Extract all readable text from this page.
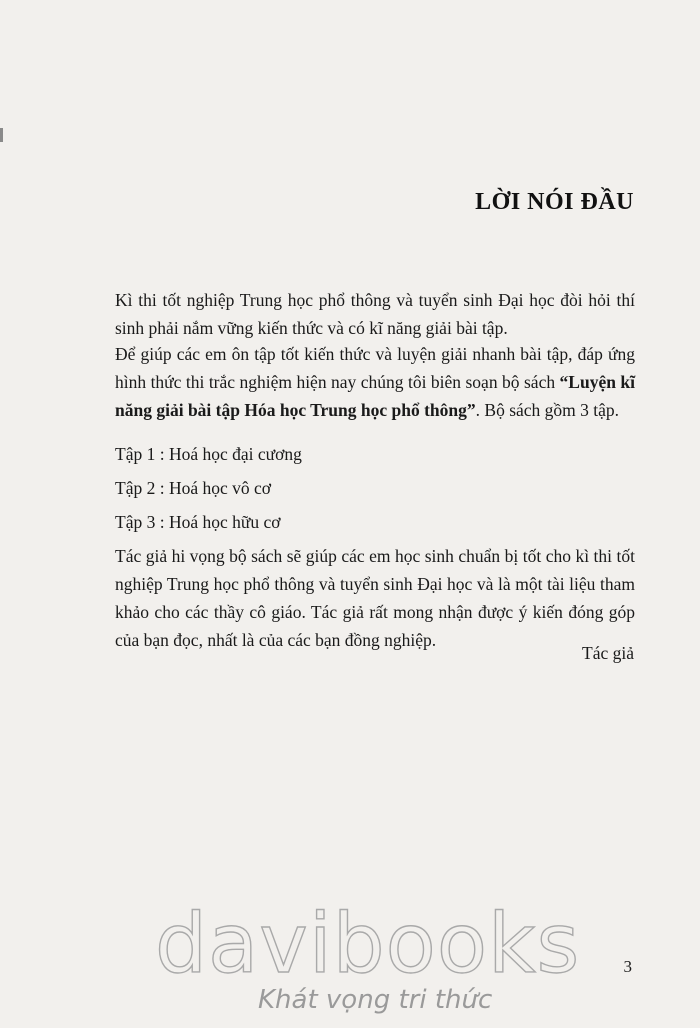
LỜI NÓI ĐẦU

Kì thi tốt nghiệp Trung học phổ thông và tuyển sinh Đại học đòi hỏi thí sinh phải nắm vững kiến thức và có kĩ năng giải bài tập.

Để giúp các em ôn tập tốt kiến thức và luyện giải nhanh bài tập, đáp ứng hình thức thi trắc nghiệm hiện nay chúng tôi biên soạn bộ sách “Luyện kĩ năng giải bài tập Hóa học Trung học phổ thông”. Bộ sách gồm 3 tập.

Tập 1 : Hoá học đại cương

Tập 2 : Hoá học vô cơ

Tập 3 : Hoá học hữu cơ

Tác giả hi vọng bộ sách sẽ giúp các em học sinh chuẩn bị tốt cho kì thi tốt nghiệp Trung học phổ thông và tuyển sinh Đại học và là một tài liệu tham khảo cho các thầy cô giáo. Tác giả rất mong nhận được ý kiến đóng góp của bạn đọc, nhất là của các bạn đồng nghiệp.

Tác giả

3

davibooks
Khát vọng tri thức
